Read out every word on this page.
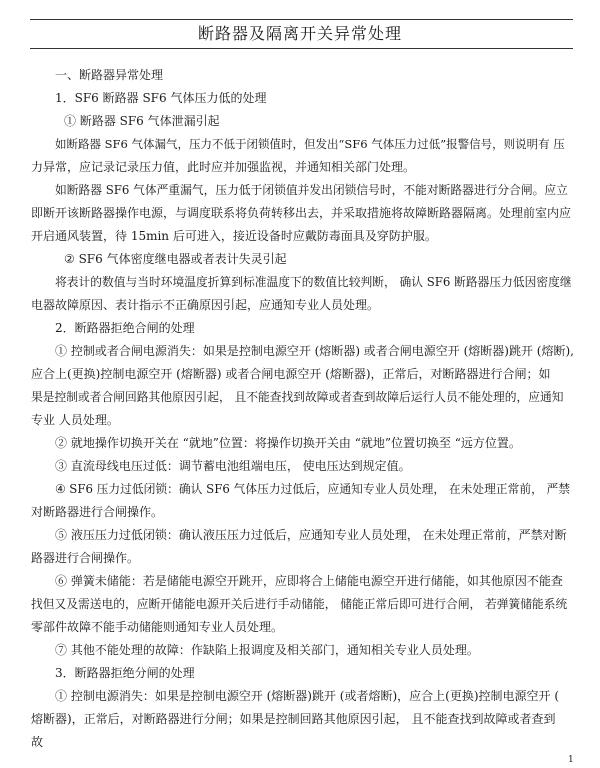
断路器及隔离开关异常处理
一、断路器异常处理
1．SF6 断路器 SF6 气体压力低的处理
① 断路器 SF6 气体泄漏引起
如断路器 SF6 气体漏气，压力不低于闭锁值时，但发出“SF6 气体压力过低”报警信号，则说明有 压
力异常，应记录记录压力值，此时应并加强监视，并通知相关部门处理。
如断路器 SF6 气体严重漏气，压力低于闭锁值并发出闭锁信号时，不能对断路器进行分合闸。应立
即断开该断路器操作电源，与调度联系将负荷转移出去，并采取措施将故障断路器隔离。处理前室内应
开启通风装置，待 15min 后可进入，接近设备时应戴防毒面具及穿防护服。
② SF6 气体密度继电器或者表计失灵引起
将表计的数值与当时环境温度折算到标准温度下的数值比较判断， 确认 SF6 断路器压力低因密度继
电器故障原因、表计指示不正确原因引起，应通知专业人员处理。
2．断路器拒绝合闸的处理
① 控制或者合闸电源消失：如果是控制电源空开 (熔断器) 或者合闸电源空开 (熔断器)跳开 (熔断),
应合上(更换)控制电源空开 (熔断器) 或者合闸电源空开 (熔断器)，正常后，对断路器进行合闸；如
果是控制或者合闸回路其他原因引起， 且不能查找到故障或者查到故障后运行人员不能处理的，应通知
专业 人员处理。
② 就地操作切换开关在 “就地”位置：将操作切换开关由 “就地”位置切换至 “远方位置。
③ 直流母线电压过低：调节蓄电池组端电压， 使电压达到规定值。
④ SF6 压力过低闭锁：确认 SF6 气体压力过低后，应通知专业人员处理， 在未处理正常前， 严禁
对断路器进行合闸操作。
⑤ 液压压力过低闭锁：确认液压压力过低后，应通知专业人员处理， 在未处理正常前，严禁对断
路器进行合闸操作。
⑥ 弹簧未储能：若是储能电源空开跳开，应即将合上储能电源空开进行储能，如其他原因不能查
找但又及需送电的，应断开储能电源开关后进行手动储能， 储能正常后即可进行合闸， 若弹簧储能系统
零部件故障不能手动储能则通知专业人员处理。
⑦ 其他不能处理的故障：作缺陷上报调度及相关部门，通知相关专业人员处理。
3．断路器拒绝分闸的处理
① 控制电源消失：如果是控制电源空开 (熔断器)跳开 (或者熔断)，应合上(更换)控制电源空开 (
熔断器)，正常后，对断路器进行分闸；如果是控制回路其他原因引起， 且不能查找到故障或者查到
故
1
